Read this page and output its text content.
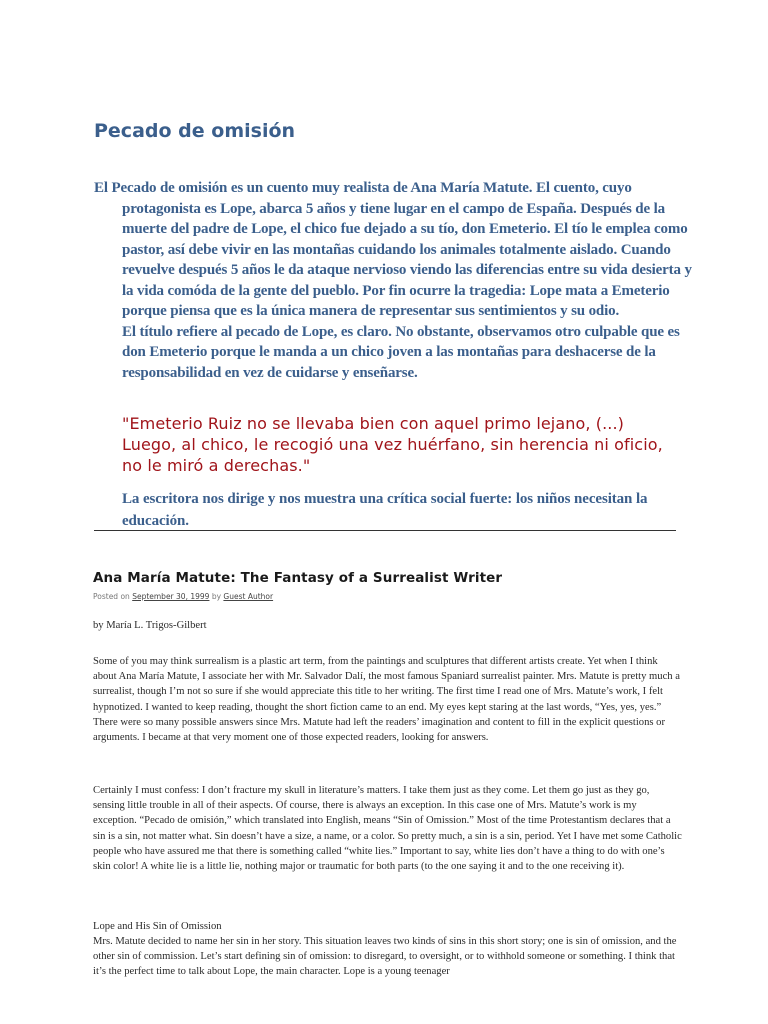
Pecado de omisión
El Pecado de omisión es un cuento muy realista de Ana María Matute. El cuento, cuyo protagonista es Lope, abarca 5 años y tiene lugar en el campo de España. Después de la muerte del padre de Lope, el chico fue dejado a su tío, don Emeterio. El tío le emplea como pastor, así debe vivir en las montañas cuidando los animales totalmente aislado. Cuando revuelve después 5 años le da ataque nervioso viendo las diferencias entre su vida desierta y la vida comóda de la gente del pueblo. Por fin ocurre la tragedia: Lope mata a Emeterio porque piensa que es la única manera de representar sus sentimientos y su odio.
El título refiere al pecado de Lope, es claro. No obstante, observamos otro culpable que es don Emeterio porque le manda a un chico joven a las montañas para deshacerse de la responsabilidad en vez de cuidarse y enseñarse.

"Emeterio Ruiz no se llevaba bien con aquel primo lejano, (...) Luego, al chico, le recogió una vez huérfano, sin herencia ni oficio, no le miró a derechas."

La escritora nos dirige y nos muestra una crítica social fuerte: los niños necesitan la educación.

Ana María Matute: The Fantasy of a Surrealist Writer
Posted on September 30, 1999 by Guest Author

by María L. Trigos-Gilbert

Some of you may think surrealism is a plastic art term, from the paintings and sculptures that different artists create. Yet when I think about Ana María Matute, I associate her with Mr. Salvador Dalí, the most famous Spaniard surrealist painter. Mrs. Matute is pretty much a surrealist, though I’m not so sure if she would appreciate this title to her writing. The first time I read one of Mrs. Matute’s work, I felt hypnotized. I wanted to keep reading, thought the short fiction came to an end. My eyes kept staring at the last words, “Yes, yes, yes.” There were so many possible answers since Mrs. Matute had left the readers’ imagination and content to fill in the explicit questions or arguments. I became at that very moment one of those expected readers, looking for answers.

Certainly I must confess: I don’t fracture my skull in literature’s matters. I take them just as they come. Let them go just as they go, sensing little trouble in all of their aspects. Of course, there is always an exception. In this case one of Mrs. Matute’s work is my exception. “Pecado de omisión,” which translated into English, means “Sin of Omission.” Most of the time Protestantism declares that a sin is a sin, not matter what. Sin doesn’t have a size, a name, or a color. So pretty much, a sin is a sin, period. Yet I have met some Catholic people who have assured me that there is something called “white lies.” Important to say, white lies don’t have a thing to do with one’s skin color! A white lie is a little lie, nothing major or traumatic for both parts (to the one saying it and to the one receiving it).

Lope and His Sin of Omission

Mrs. Matute decided to name her sin in her story. This situation leaves two kinds of sins in this short story; one is sin of omission, and the other sin of commission. Let’s start defining sin of omission: to disregard, to oversight, or to withhold someone or something. I think that it’s the perfect time to talk about Lope, the main character. Lope is a young teenager
